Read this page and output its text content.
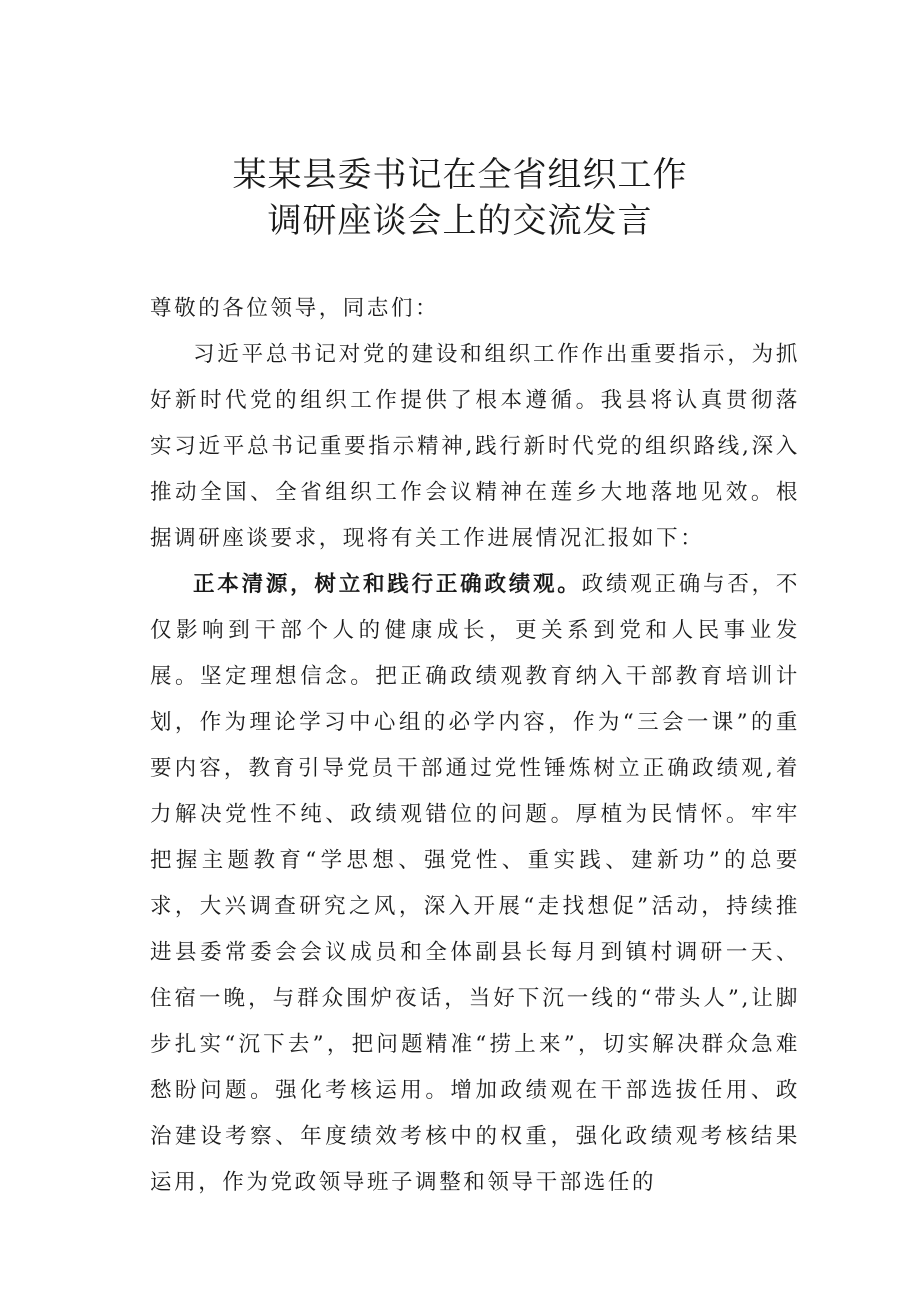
某某县委书记在全省组织工作
调研座谈会上的交流发言

尊敬的各位领导，同志们：

习近平总书记对党的建设和组织工作作出重要指示，为抓好新时代党的组织工作提供了根本遵循。我县将认真贯彻落实习近平总书记重要指示精神,践行新时代党的组织路线,深入推动全国、全省组织工作会议精神在莲乡大地落地见效。根据调研座谈要求，现将有关工作进展情况汇报如下：

正本清源，树立和践行正确政绩观。政绩观正确与否，不仅影响到干部个人的健康成长，更关系到党和人民事业发展。坚定理想信念。把正确政绩观教育纳入干部教育培训计划，作为理论学习中心组的必学内容，作为“三会一课”的重要内容，教育引导党员干部通过党性锤炼树立正确政绩观,着力解决党性不纯、政绩观错位的问题。厚植为民情怀。牢牢把握主题教育“学思想、强党性、重实践、建新功”的总要求，大兴调查研究之风，深入开展“走找想促”活动，持续推进县委常委会会议成员和全体副县长每月到镇村调研一天、住宿一晚，与群众围炉夜话，当好下沉一线的“带头人”,让脚步扎实“沉下去”，把问题精准“捞上来”，切实解决群众急难愁盼问题。强化考核运用。增加政绩观在干部选拔任用、政治建设考察、年度绩效考核中的权重，强化政绩观考核结果运用，作为党政领导班子调整和领导干部选任的
